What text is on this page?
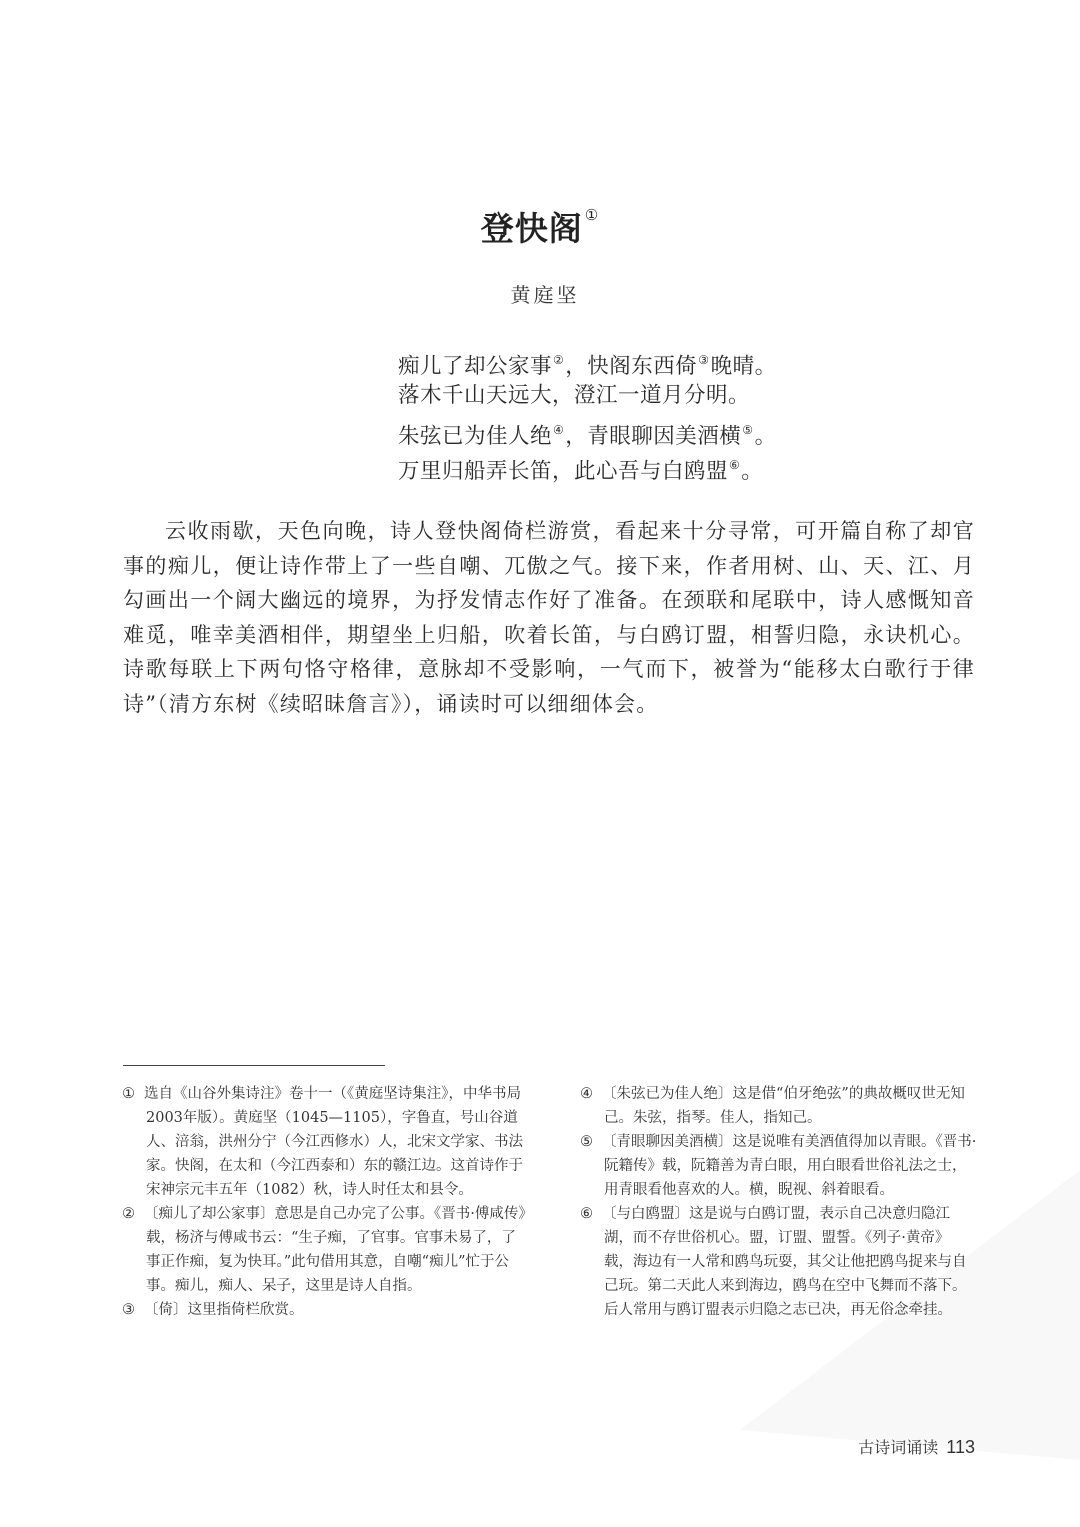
登快阁 ①
黄庭坚
痴儿了却公家事②，快阁东西倚③晚晴。
落木千山天远大，澄江一道月分明。
朱弦已为佳人绝④，青眼聊因美酒横⑤。
万里归船弄长笛，此心吾与白鸥盟⑥。
云收雨歇，天色向晚，诗人登快阁倚栏游赏，看起来十分寻常，可开篇自称了却官事的痴儿，便让诗作带上了一些自嘲、兀傲之气。接下来，作者用树、山、天、江、月勾画出一个阔大幽远的境界，为抒发情志作好了准备。在颈联和尾联中，诗人感慨知音难觅，唯幸美酒相伴，期望坐上归船，吹着长笛，与白鸥订盟，相誓归隐，永诀机心。诗歌每联上下两句恪守格律，意脉却不受影响，一气而下，被誉为“能移太白歌行于律诗”（清方东树《续昭昧詹言》），诵读时可以细细体会。

① 选自《山谷外集诗注》卷十一（《黄庭坚诗集注》，中华书局2003年版）。黄庭坚（1045—1105），字鲁直，号山谷道人、涪翁，洪州分宁（今江西修水）人，北宋文学家、书法家。快阁，在太和（今江西泰和）东的赣江边。这首诗作于宋神宗元丰五年（1082）秋，诗人时任太和县令。

② 〔痴儿了却公家事〕意思是自己办完了公事。《晋书·傅咸传》载，杨济与傅咸书云：“生子痴，了官事。官事未易了，了事正作痴，复为快耳。”此句借用其意，自嘲“痴儿”忙于公事。痴儿，痴人、呆子，这里是诗人自指。

③ 〔倚〕这里指倚栏欣赏。

④ 〔朱弦已为佳人绝〕这是借“伯牙绝弦”的典故概叹世无知己。朱弦，指琴。佳人，指知己。

⑤ 〔青眼聊因美酒横〕这是说唯有美酒值得加以青眼。《晋书·阮籍传》载，阮籍善为青白眼，用白眼看世俗礼法之士，用青眼看他喜欢的人。横，睨视、斜着眼看。

⑥ 〔与白鸥盟〕这是说与白鸥订盟，表示自己决意归隐江湖，而不存世俗机心。盟，订盟、盟誓。《列子·黄帝》载，海边有一人常和鸥鸟玩耍，其父让他把鸥鸟捉来与自己玩。第二天此人来到海边，鸥鸟在空中飞舞而不落下。后人常用与鸥订盟表示归隐之志已决，再无俗念牵挂。

古诗词诵读 113
